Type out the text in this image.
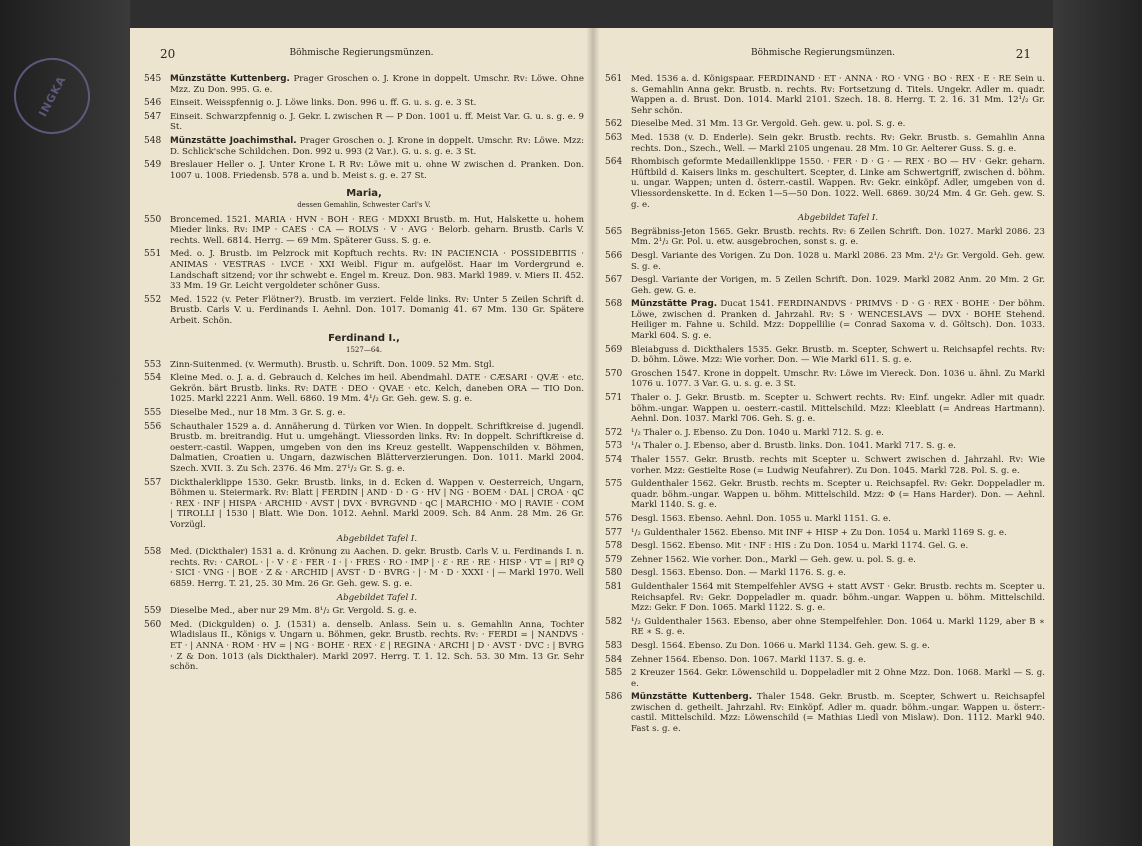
INGKA
20	Böhmische Regierungsmünzen.
545 Münzstätte Kuttenberg. Prager Groschen o. J. Krone in doppelt. Umschr. Rv: Löwe. Ohne Mzz. Zu Don. 995. G. e.
546 Einseit. Weisspfennig o. J. Löwe links. Don. 996 u. ff. G. u. s. g. e. 3 St.
547 Einseit. Schwarzpfennig o. J. Gekr. L zwischen R — P Don. 1001 u. ff. Meist Var. G. u. s. g. e. 9 St.
548 Münzstätte Joachimsthal. Prager Groschen o. J. Krone in doppelt. Umschr. Rv: Löwe. Mzz: D. Schlick'sche Schildchen. Don. 992 u. 993 (2 Var.). G. u. s. g. e. 3 St.
549 Breslauer Heller o. J. Unter Krone L R Rv: Löwe mit u. ohne W zwischen d. Pranken. Don. 1007 u. 1008. Friedensb. 578 a. und b. Meist s. g. e. 27 St.
Maria,
dessen Gemahlin, Schwester Carl's V.
550 Broncemed. 1521. MARIA · HVN · BOH · REG · MDXXI Brustb. m. Hut, Halskette u. hohem Mieder links. Rv: IMP · CAES · CA — ROLVS · V · AVG · Belorb. geharn. Brustb. Carls V. rechts. Well. 6814. Herrg. — 69 Mm. Späterer Guss. S. g. e.
551 Med. o. J. Brustb. im Pelzrock mit Kopftuch rechts. Rv: IN PACIENCIA · POSSIDEBITIS · ANIMAS · VESTRAS · LVCE · XXI Weibl. Figur m. aufgelöst. Haar im Vordergrund e. Landschaft sitzend; vor ihr schwebt e. Engel m. Kreuz. Don. 983. Markl 1989. v. Miers II. 452. 33 Mm. 19 Gr. Leicht vergoldeter schöner Guss.
552 Med. 1522 (v. Peter Flötner?). Brustb. im verziert. Felde links. Rv: Unter 5 Zeilen Schrift d. Brustb. Carls V. u. Ferdinands I. Aehnl. Don. 1017. Domanig 41. 67 Mm. 130 Gr. Spätere Arbeit. Schön.
Ferdinand I.,
1527—64.
553 Zinn-Suitenmed. (v. Wermuth). Brustb. u. Schrift. Don. 1009. 52 Mm. Stgl.
554 Kleine Med. o. J. a. d. Gebrauch d. Kelches im heil. Abendmahl. DATE · CÆSARI · QVÆ · etc. Gekrön. bärt Brustb. links. Rv: DATE · DEO · QVAE · etc. Kelch, daneben ORA — TIO Don. 1025. Markl 2221 Anm. Well. 6860. 19 Mm. 4¹/₂ Gr. Geh. gew. S. g. e.
555 Dieselbe Med., nur 18 Mm. 3 Gr. S. g. e.
556 Schauthaler 1529 a. d. Annäherung d. Türken vor Wien. In doppelt. Schriftkreise d. jugendl. Brustb. m. breitrandig. Hut u. umgehängt. Vliessorden links. Rv: In doppelt. Schriftkreise d. oesterr.-castil. Wappen, umgeben von den ins Kreuz gestellt. Wappenschilden v. Böhmen, Dalmatien, Croatien u. Ungarn, dazwischen Blätterverzierungen. Don. 1011. Markl 2004. Szech. XVII. 3. Zu Sch. 2376. 46 Mm. 27¹/₂ Gr. S. g. e.
557 Dickthalerklippe 1530. Gekr. Brustb. links, in d. Ecken d. Wappen v. Oesterreich, Ungarn, Böhmen u. Steiermark. Rv: Blatt | FERDIN | AND · D · G · HV | NG · BOEM · DAL | CROA · ꝗC · REX · INF | HISPA · ARCHID · AVST | DVX · BVRGVND · ꝗC | MARCHIO · MO | RAVIE · COM | TIROLLI | 1530 | Blatt. Wie Don. 1012. Aehnl. Markl 2009. Sch. 84 Anm. 28 Mm. 26 Gr. Vorzügl.
Abgebildet Tafel I.
558 Med. (Dickthaler) 1531 a. d. Krönung zu Aachen. D. gekr. Brustb. Carls V. u. Ferdinands I. n. rechts. Rv: · CAROL · | · V · Ɛ · FER · I · | · FRES · RO · IMP | · Ɛ · RE · RE · HISP · VT = | RIª Q · SICI · VNG · | BOE · Z & · ARCHID | AVST · D · BVRG · | · M · D · XXXI · | — Markl 1970. Well 6859. Herrg. T. 21, 25. 30 Mm. 26 Gr. Geh. gew. S. g. e.
Abgebildet Tafel I.
559 Dieselbe Med., aber nur 29 Mm. 8¹/₂ Gr. Vergold. S. g. e.
560 Med. (Dickgulden) o. J. (1531) a. denselb. Anlass. Sein u. s. Gemahlin Anna, Tochter Wladislaus II., Königs v. Ungarn u. Böhmen, gekr. Brustb. rechts. Rv: · FERDI = | NANDVS · ET · | ANNA · ROM · HV = | NG · BOHE · REX · Ɛ | REGINA · ARCHI | D · AVST · DVC : | BVRG · Z & Don. 1013 (als Dickthaler). Markl 2097. Herrg. T. 1. 12. Sch. 53. 30 Mm. 13 Gr. Sehr schön.
Böhmische Regierungsmünzen.	21
561 Med. 1536 a. d. Königspaar. FERDINAND · ET · ANNA · RO · VNG · BO · REX · E · RE Sein u. s. Gemahlin Anna gekr. Brustb. n. rechts. Rv: Fortsetzung d. Titels. Ungekr. Adler m. quadr. Wappen a. d. Brust. Don. 1014. Markl 2101. Szech. 18. 8. Herrg. T. 2. 16. 31 Mm. 12¹/₂ Gr. Sehr schön.
562 Dieselbe Med. 31 Mm. 13 Gr. Vergold. Geh. gew. u. pol. S. g. e.
563 Med. 1538 (v. D. Enderle). Sein gekr. Brustb. rechts. Rv: Gekr. Brustb. s. Gemahlin Anna rechts. Don., Szech., Well. — Markl 2105 ungenau. 28 Mm. 10 Gr. Aelterer Guss. S. g. e.
564 Rhombisch geformte Medaillenklippe 1550. · FER · D · G · — REX · BO — HV · Gekr. geharn. Hüftbild d. Kaisers links m. geschultert. Scepter, d. Linke am Schwertgriff, zwischen d. böhm. u. ungar. Wappen; unten d. österr.-castil. Wappen. Rv: Gekr. einköpf. Adler, umgeben von d. Vliessordenskette. In d. Ecken 1—5—50 Don. 1022. Well. 6869. 30/24 Mm. 4 Gr. Geh. gew. S. g. e.
Abgebildet Tafel I.
565 Begräbniss-Jeton 1565. Gekr. Brustb. rechts. Rv: 6 Zeilen Schrift. Don. 1027. Markl 2086. 23 Mm. 2¹/₂ Gr. Pol. u. etw. ausgebrochen, sonst s. g. e.
566 Desgl. Variante des Vorigen. Zu Don. 1028 u. Markl 2086. 23 Mm. 2¹/₂ Gr. Vergold. Geh. gew. S. g. e.
567 Desgl. Variante der Vorigen, m. 5 Zeilen Schrift. Don. 1029. Markl 2082 Anm. 20 Mm. 2 Gr. Geh. gew. G. e.
568 Münzstätte Prag. Ducat 1541. FERDINANDVS · PRIMVS · D · G · REX · BOHE · Der böhm. Löwe, zwischen d. Pranken d. Jahrzahl. Rv: S · WENCESLAVS — DVX · BOHE Stehend. Heiliger m. Fahne u. Schild. Mzz: Doppellilie (= Conrad Saxoma v. d. Göltsch). Don. 1033. Markl 604. S. g. e.
569 Bleiabguss d. Dickthalers 1535. Gekr. Brustb. m. Scepter, Schwert u. Reichsapfel rechts. Rv: D. böhm. Löwe. Mzz: Wie vorher. Don. — Wie Markl 611. S. g. e.
570 Groschen 1547. Krone in doppelt. Umschr. Rv: Löwe im Viereck. Don. 1036 u. ähnl. Zu Markl 1076 u. 1077. 3 Var. G. u. s. g. e. 3 St.
571 Thaler o. J. Gekr. Brustb. m. Scepter u. Schwert rechts. Rv: Einf. ungekr. Adler mit quadr. böhm.-ungar. Wappen u. oesterr.-castil. Mittelschild. Mzz: Kleeblatt (= Andreas Hartmann). Aehnl. Don. 1037. Markl 706. Geh. S. g. e.
572 ¹/₂ Thaler o. J. Ebenso. Zu Don. 1040 u. Markl 712. S. g. e.
573 ¹/₄ Thaler o. J. Ebenso, aber d. Brustb. links. Don. 1041. Markl 717. S. g. e.
574 Thaler 1557. Gekr. Brustb. rechts mit Scepter u. Schwert zwischen d. Jahrzahl. Rv: Wie vorher. Mzz: Gestielte Rose (= Ludwig Neufahrer). Zu Don. 1045. Markl 728. Pol. S. g. e.
575 Guldenthaler 1562. Gekr. Brustb. rechts m. Scepter u. Reichsapfel. Rv: Gekr. Doppeladler m. quadr. böhm.-ungar. Wappen u. böhm. Mittelschild. Mzz: Φ (= Hans Harder). Don. — Aehnl. Markl 1140. S. g. e.
576 Desgl. 1563. Ebenso. Aehnl. Don. 1055 u. Markl 1151. G. e.
577 ¹/₂ Guldenthaler 1562. Ebenso. Mit INF + HISP + Zu Don. 1054 u. Markl 1169 S. g. e.
578 Desgl. 1562. Ebenso. Mit · INF : HIS : Zu Don. 1054 u. Markl 1174. Gel. G. e.
579 Zehner 1562. Wie vorher. Don., Markl — Geh. gew. u. pol. S. g. e.
580 Desgl. 1563. Ebenso. Don. — Markl 1176. S. g. e.
581 Guldenthaler 1564 mit Stempelfehler AVSG + statt AVST · Gekr. Brustb. rechts m. Scepter u. Reichsapfel. Rv: Gekr. Doppeladler m. quadr. böhm.-ungar. Wappen u. böhm. Mittelschild. Mzz: Gekr. F Don. 1065. Markl 1122. S. g. e.
582 ¹/₂ Guldenthaler 1563. Ebenso, aber ohne Stempelfehler. Don. 1064 u. Markl 1129, aber B ∗ RE ∗ S. g. e.
583 Desgl. 1564. Ebenso. Zu Don. 1066 u. Markl 1134. Geh. gew. S. g. e.
584 Zehner 1564. Ebenso. Don. 1067. Markl 1137. S. g. e.
585 2 Kreuzer 1564. Gekr. Löwenschild u. Doppeladler mit 2 Ohne Mzz. Don. 1068. Markl — S. g. e.
586 Münzstätte Kuttenberg. Thaler 1548. Gekr. Brustb. m. Scepter, Schwert u. Reichsapfel zwischen d. getheilt. Jahrzahl. Rv: Einköpf. Adler m. quadr. böhm.-ungar. Wappen u. österr.-castil. Mittelschild. Mzz: Löwenschild (= Mathias Liedl von Mislaw). Don. 1112. Markl 940. Fast s. g. e.
